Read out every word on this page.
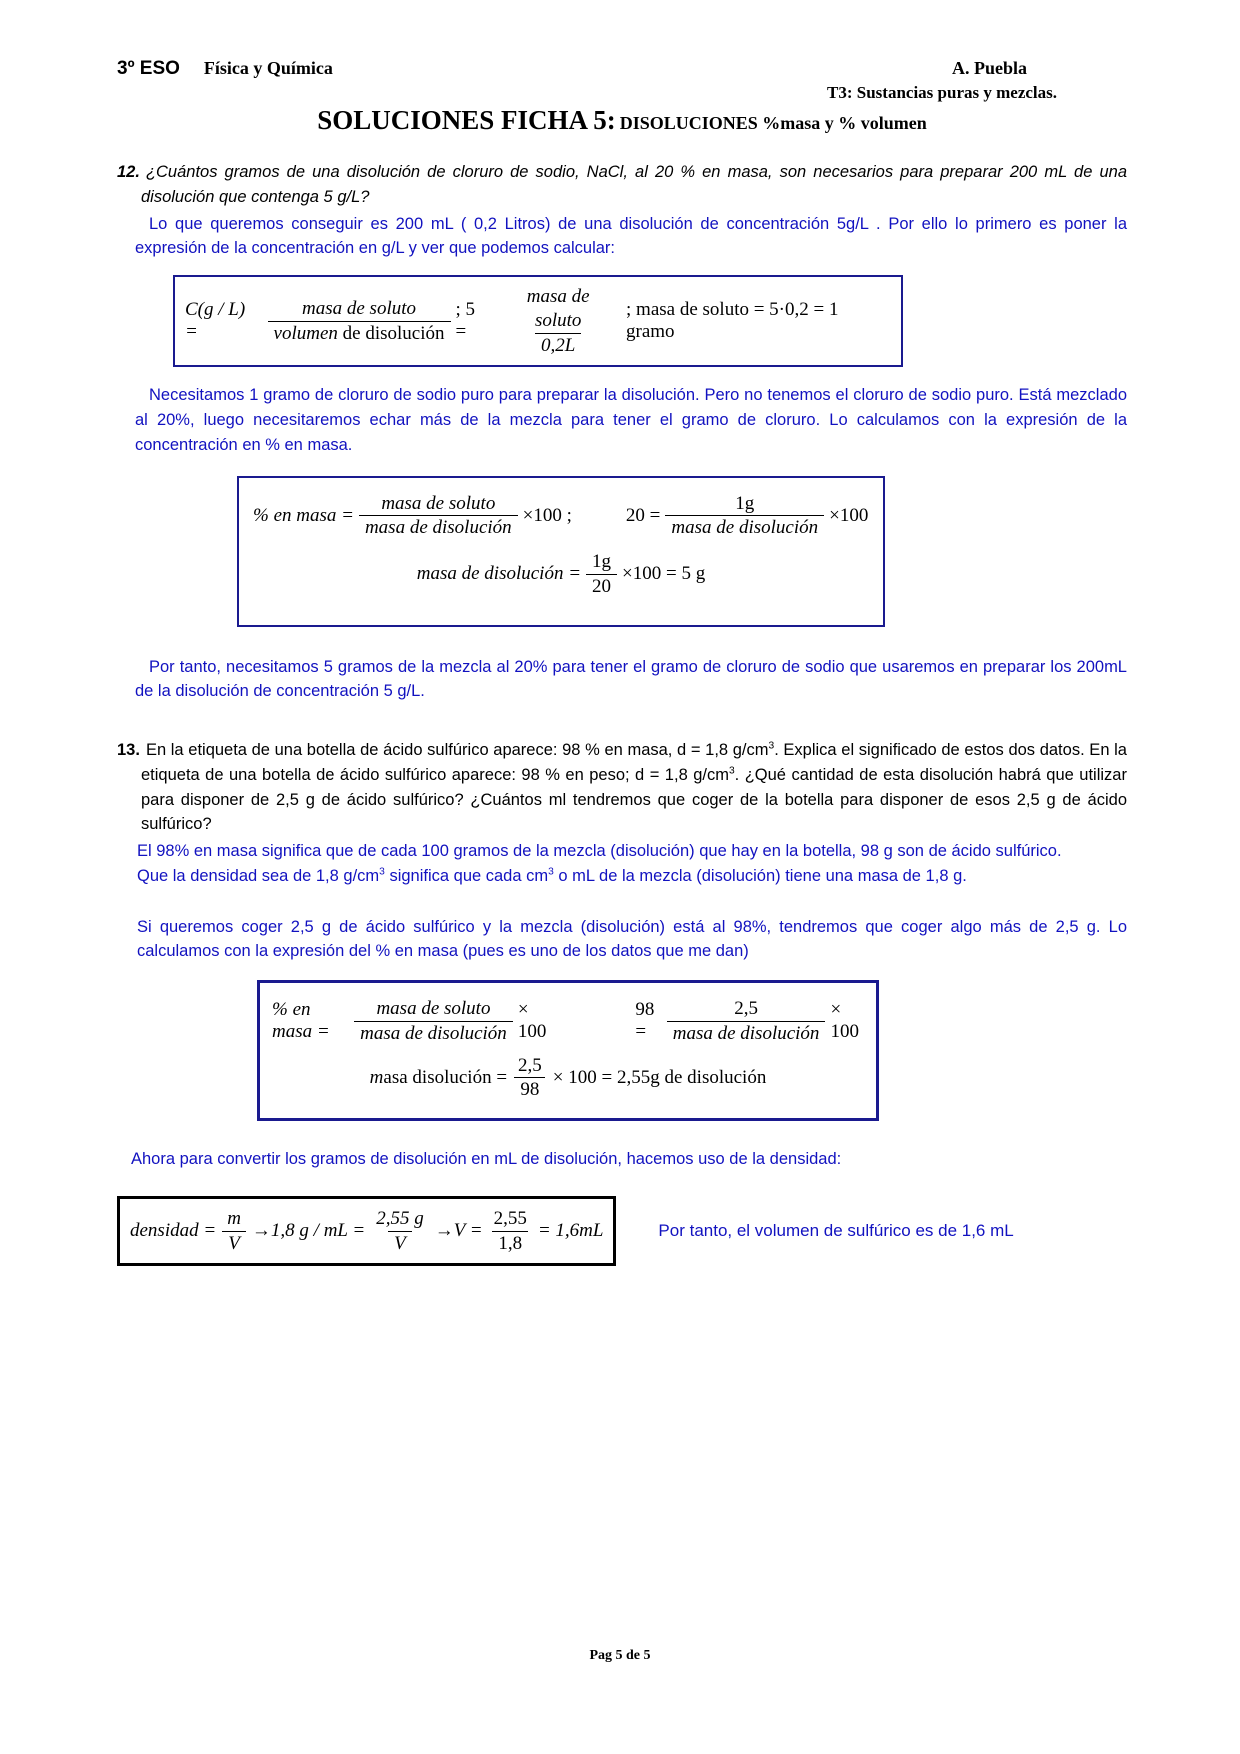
3º ESO Física y Química	A. Puebla
T3: Sustancias puras y mezclas.
SOLUCIONES FICHA 5: DISOLUCIONES %masa y % volumen

12. ¿Cuántos gramos de una disolución de cloruro de sodio, NaCl, al 20 % en masa, son necesarios para preparar 200 mL de una disolución que contenga 5 g/L?

Lo que queremos conseguir es 200 mL ( 0,2 Litros) de una disolución de concentración 5g/L . Por ello lo primero es poner la expresión de la concentración en g/L y ver que podemos calcular:

C(g / L) =	$\frac{\text{masa de soluto}}{\text{volumen de disolución}}$ ; 5 =	$\frac{\text{masa de soluto}}{0,2L}$ ; masa de soluto = 5·0,2 = 1 gramo

Necesitamos 1 gramo de cloruro de sodio puro para preparar la disolución. Pero no tenemos el cloruro de sodio puro. Está mezclado al 20%, luego necesitaremos echar más de la mezcla para tener el gramo de cloruro. Lo calculamos con la expresión de la concentración en % en masa.

% en masa = $\frac{\text{masa de soluto}}{\text{masa de disolución}} \times 100$ ;	$20 = \frac{1g}{\text{masa de disolución}} \times 100$
masa de disolución = $\frac{1g}{20} \times 100 = 5$ g

Por tanto, necesitamos 5 gramos de la mezcla al 20% para tener el gramo de cloruro de sodio que usaremos en preparar los 200mL de la disolución de concentración 5 g/L.

13. En la etiqueta de una botella de ácido sulfúrico aparece: 98 % en masa, d = 1,8 $g/cm^3$. Explica el significado de estos dos datos. En la etiqueta de una botella de ácido sulfúrico aparece: 98 % en peso; d = 1,8 $g/cm^3$. ¿Qué cantidad de esta disolución habrá que utilizar para disponer de 2,5 g de ácido sulfúrico? ¿Cuántos ml tendremos que coger de la botella para disponer de esos 2,5 g de ácido sulfúrico?

El 98% en masa significa que de cada 100 gramos de la mezcla (disolución) que hay en la botella, 98 g son de ácido sulfúrico.

Que la densidad sea de 1,8 $g/cm^3$ significa que cada $cm^3$ o mL de la mezcla (disolución) tiene una masa de 1,8 g.

Si queremos coger 2,5 g de ácido sulfúrico y la mezcla (disolución) está al 98%, tendremos que coger algo más de 2,5 g. Lo calculamos con la expresión del % en masa (pues es uno de los datos que me dan)

% en masa =	$\frac{\text{masa de soluto}}{\text{masa de disolución}} \times 100$
98 =	$\frac{2,5}{\text{masa de disolución}} \times 100$
masa disolución = $\frac{2,5}{98} \times 100 = 2,55g$ de disolución

Ahora para convertir los gramos de disolución en mL de disolución, hacemos uso de la densidad:

densidad = $\frac{m}{V} \to 1,8$ g / mL = $\frac{2,55 g}{V} \to V = \frac{2,55}{1,8} = 1,6mL$	Por tanto, el volumen de sulfúrico es de 1,6 mL
Pag 5 de 5
